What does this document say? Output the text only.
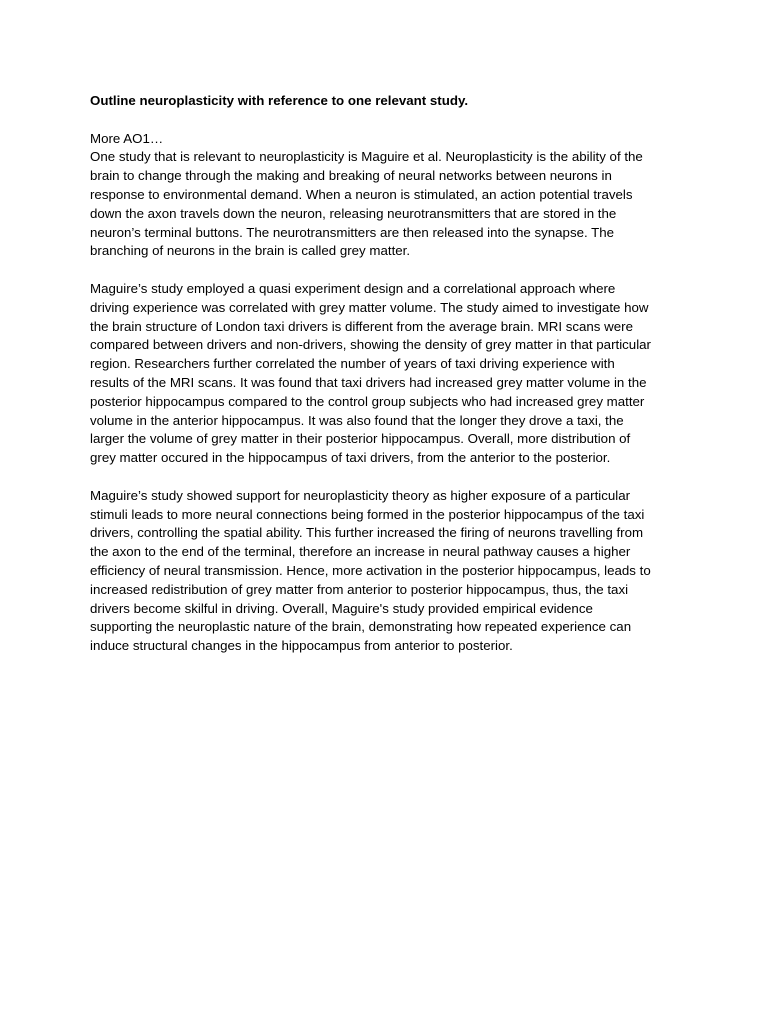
Outline neuroplasticity with reference to one relevant study.

More AO1…

One study that is relevant to neuroplasticity is Maguire et al. Neuroplasticity is the ability of the
brain to change through the making and breaking of neural networks between neurons in
response to environmental demand. When a neuron is stimulated, an action potential travels
down the axon travels down the neuron, releasing neurotransmitters that are stored in the
neuron’s terminal buttons. The neurotransmitters are then released into the synapse. The
branching of neurons in the brain is called grey matter.

Maguire’s study employed a quasi experiment design and a correlational approach where
driving experience was correlated with grey matter volume. The study aimed to investigate how
the brain structure of London taxi drivers is different from the average brain. MRI scans were
compared between drivers and non-drivers, showing the density of grey matter in that particular
region. Researchers further correlated the number of years of taxi driving experience with
results of the MRI scans. It was found that taxi drivers had increased grey matter volume in the
posterior hippocampus compared to the control group subjects who had increased grey matter
volume in the anterior hippocampus. It was also found that the longer they drove a taxi, the
larger the volume of grey matter in their posterior hippocampus. Overall, more distribution of
grey matter occured in the hippocampus of taxi drivers, from the anterior to the posterior.

Maguire’s study showed support for neuroplasticity theory as higher exposure of a particular
stimuli leads to more neural connections being formed in the posterior hippocampus of the taxi
drivers, controlling the spatial ability. This further increased the firing of neurons travelling from
the axon to the end of the terminal, therefore an increase in neural pathway causes a higher
efficiency of neural transmission. Hence, more activation in the posterior hippocampus, leads to
increased redistribution of grey matter from anterior to posterior hippocampus, thus, the taxi
drivers become skilful in driving. Overall, Maguire's study provided empirical evidence
supporting the neuroplastic nature of the brain, demonstrating how repeated experience can
induce structural changes in the hippocampus from anterior to posterior.
